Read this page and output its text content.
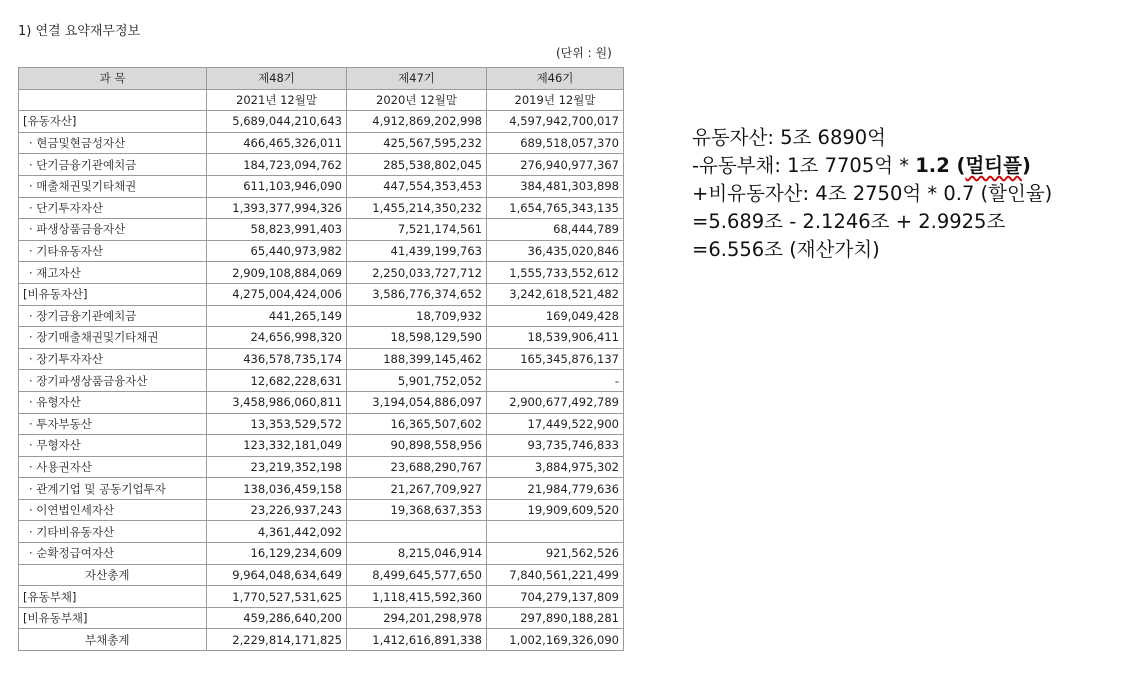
1) 연결 요약재무정보
(단위 : 원)
과 목	제48기	제47기	제46기
	2021년 12월말	2020년 12월말	2019년 12월말
[유동자산]	5,689,044,210,643	4,912,869,202,998	4,597,942,700,017
· 현금및현금성자산	466,465,326,011	425,567,595,232	689,518,057,370
· 단기금융기관예치금	184,723,094,762	285,538,802,045	276,940,977,367
· 매출채권및기타채권	611,103,946,090	447,554,353,453	384,481,303,898
· 단기투자자산	1,393,377,994,326	1,455,214,350,232	1,654,765,343,135
· 파생상품금융자산	58,823,991,403	7,521,174,561	68,444,789
· 기타유동자산	65,440,973,982	41,439,199,763	36,435,020,846
· 재고자산	2,909,108,884,069	2,250,033,727,712	1,555,733,552,612
[비유동자산]	4,275,004,424,006	3,586,776,374,652	3,242,618,521,482
· 장기금융기관예치금	441,265,149	18,709,932	169,049,428
· 장기매출채권및기타채권	24,656,998,320	18,598,129,590	18,539,906,411
· 장기투자자산	436,578,735,174	188,399,145,462	165,345,876,137
· 장기파생상품금융자산	12,682,228,631	5,901,752,052	-
· 유형자산	3,458,986,060,811	3,194,054,886,097	2,900,677,492,789
· 투자부동산	13,353,529,572	16,365,507,602	17,449,522,900
· 무형자산	123,332,181,049	90,898,558,956	93,735,746,833
· 사용권자산	23,219,352,198	23,688,290,767	3,884,975,302
· 관계기업 및 공동기업투자	138,036,459,158	21,267,709,927	21,984,779,636
· 이연법인세자산	23,226,937,243	19,368,637,353	19,909,609,520
· 기타비유동자산	4,361,442,092		
· 순확정급여자산	16,129,234,609	8,215,046,914	921,562,526
자산총계	9,964,048,634,649	8,499,645,577,650	7,840,561,221,499
[유동부채]	1,770,527,531,625	1,118,415,592,360	704,279,137,809
[비유동부채]	459,286,640,200	294,201,298,978	297,890,188,281
부채총계	2,229,814,171,825	1,412,616,891,338	1,002,169,326,090
유동자산: 5조 6890억
-유동부채: 1조 7705억 * 1.2 (멀티플)
+비유동자산: 4조 2750억 * 0.7 (할인율)
=5.689조 - 2.1246조 + 2.9925조
=6.556조 (재산가치)
